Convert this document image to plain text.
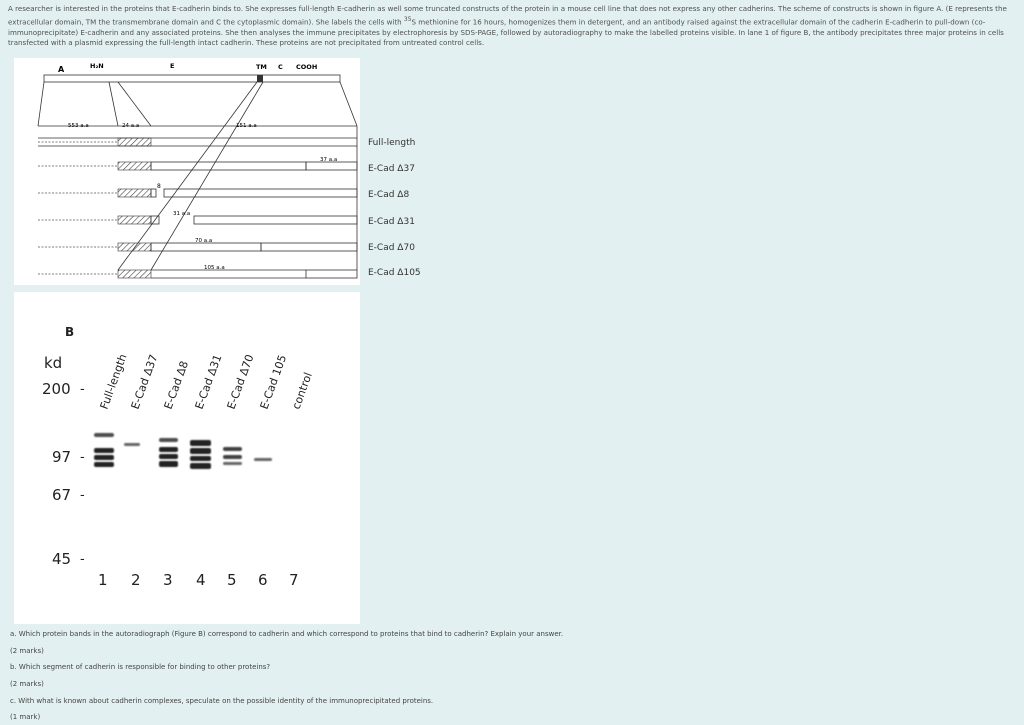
A researcher is interested in the proteins that E-cadherin binds to. She expresses full-length E-cadherin as well some truncated constructs of the protein in a mouse cell line that does not express any other cadherins. The scheme of constructs is shown in figure A. (E represents the extracellular domain, TM the transmembrane domain and C the cytoplasmic domain). She labels the cells with $^{35}$S methionine for 16 hours, homogenizes them in detergent, and an antibody raised against the extracellular domain of the cadherin E-cadherin to pull-down (co-immunoprecipitate) E-cadherin and any associated proteins. She then analyses the immune precipitates by electrophoresis by SDS-PAGE, followed by autoradiography to make the labelled proteins visible. In lane 1 of figure B, the antibody precipitates three major proteins in cells transfected with a plasmid expressing the full-length intact cadherin. These proteins are not precipitated from untreated control cells.

A	H₂N	E	TM C COOH
553 a.a	24 a.a	151 a.a
37 a.a
8
31 a.a
70 a.a
105 a.a
Full-length
E-Cad Δ37
E-Cad Δ8
E-Cad Δ31
E-Cad Δ70
E-Cad Δ105
B
kd
200 -
97 -
67 -
45 -
Full-length E-Cad Δ37 E-Cad Δ8 E-Cad Δ31 E-Cad Δ70 E-Cad 105 control
1 2 3 4 5 6 7

a. Which protein bands in the autoradiograph (Figure B) correspond to cadherin and which correspond to proteins that bind to cadherin? Explain your answer.

(2 marks)

b. Which segment of cadherin is responsible for binding to other proteins?

(2 marks)

c. With what is known about cadherin complexes, speculate on the possible identity of the immunoprecipitated proteins.

(1 mark)
